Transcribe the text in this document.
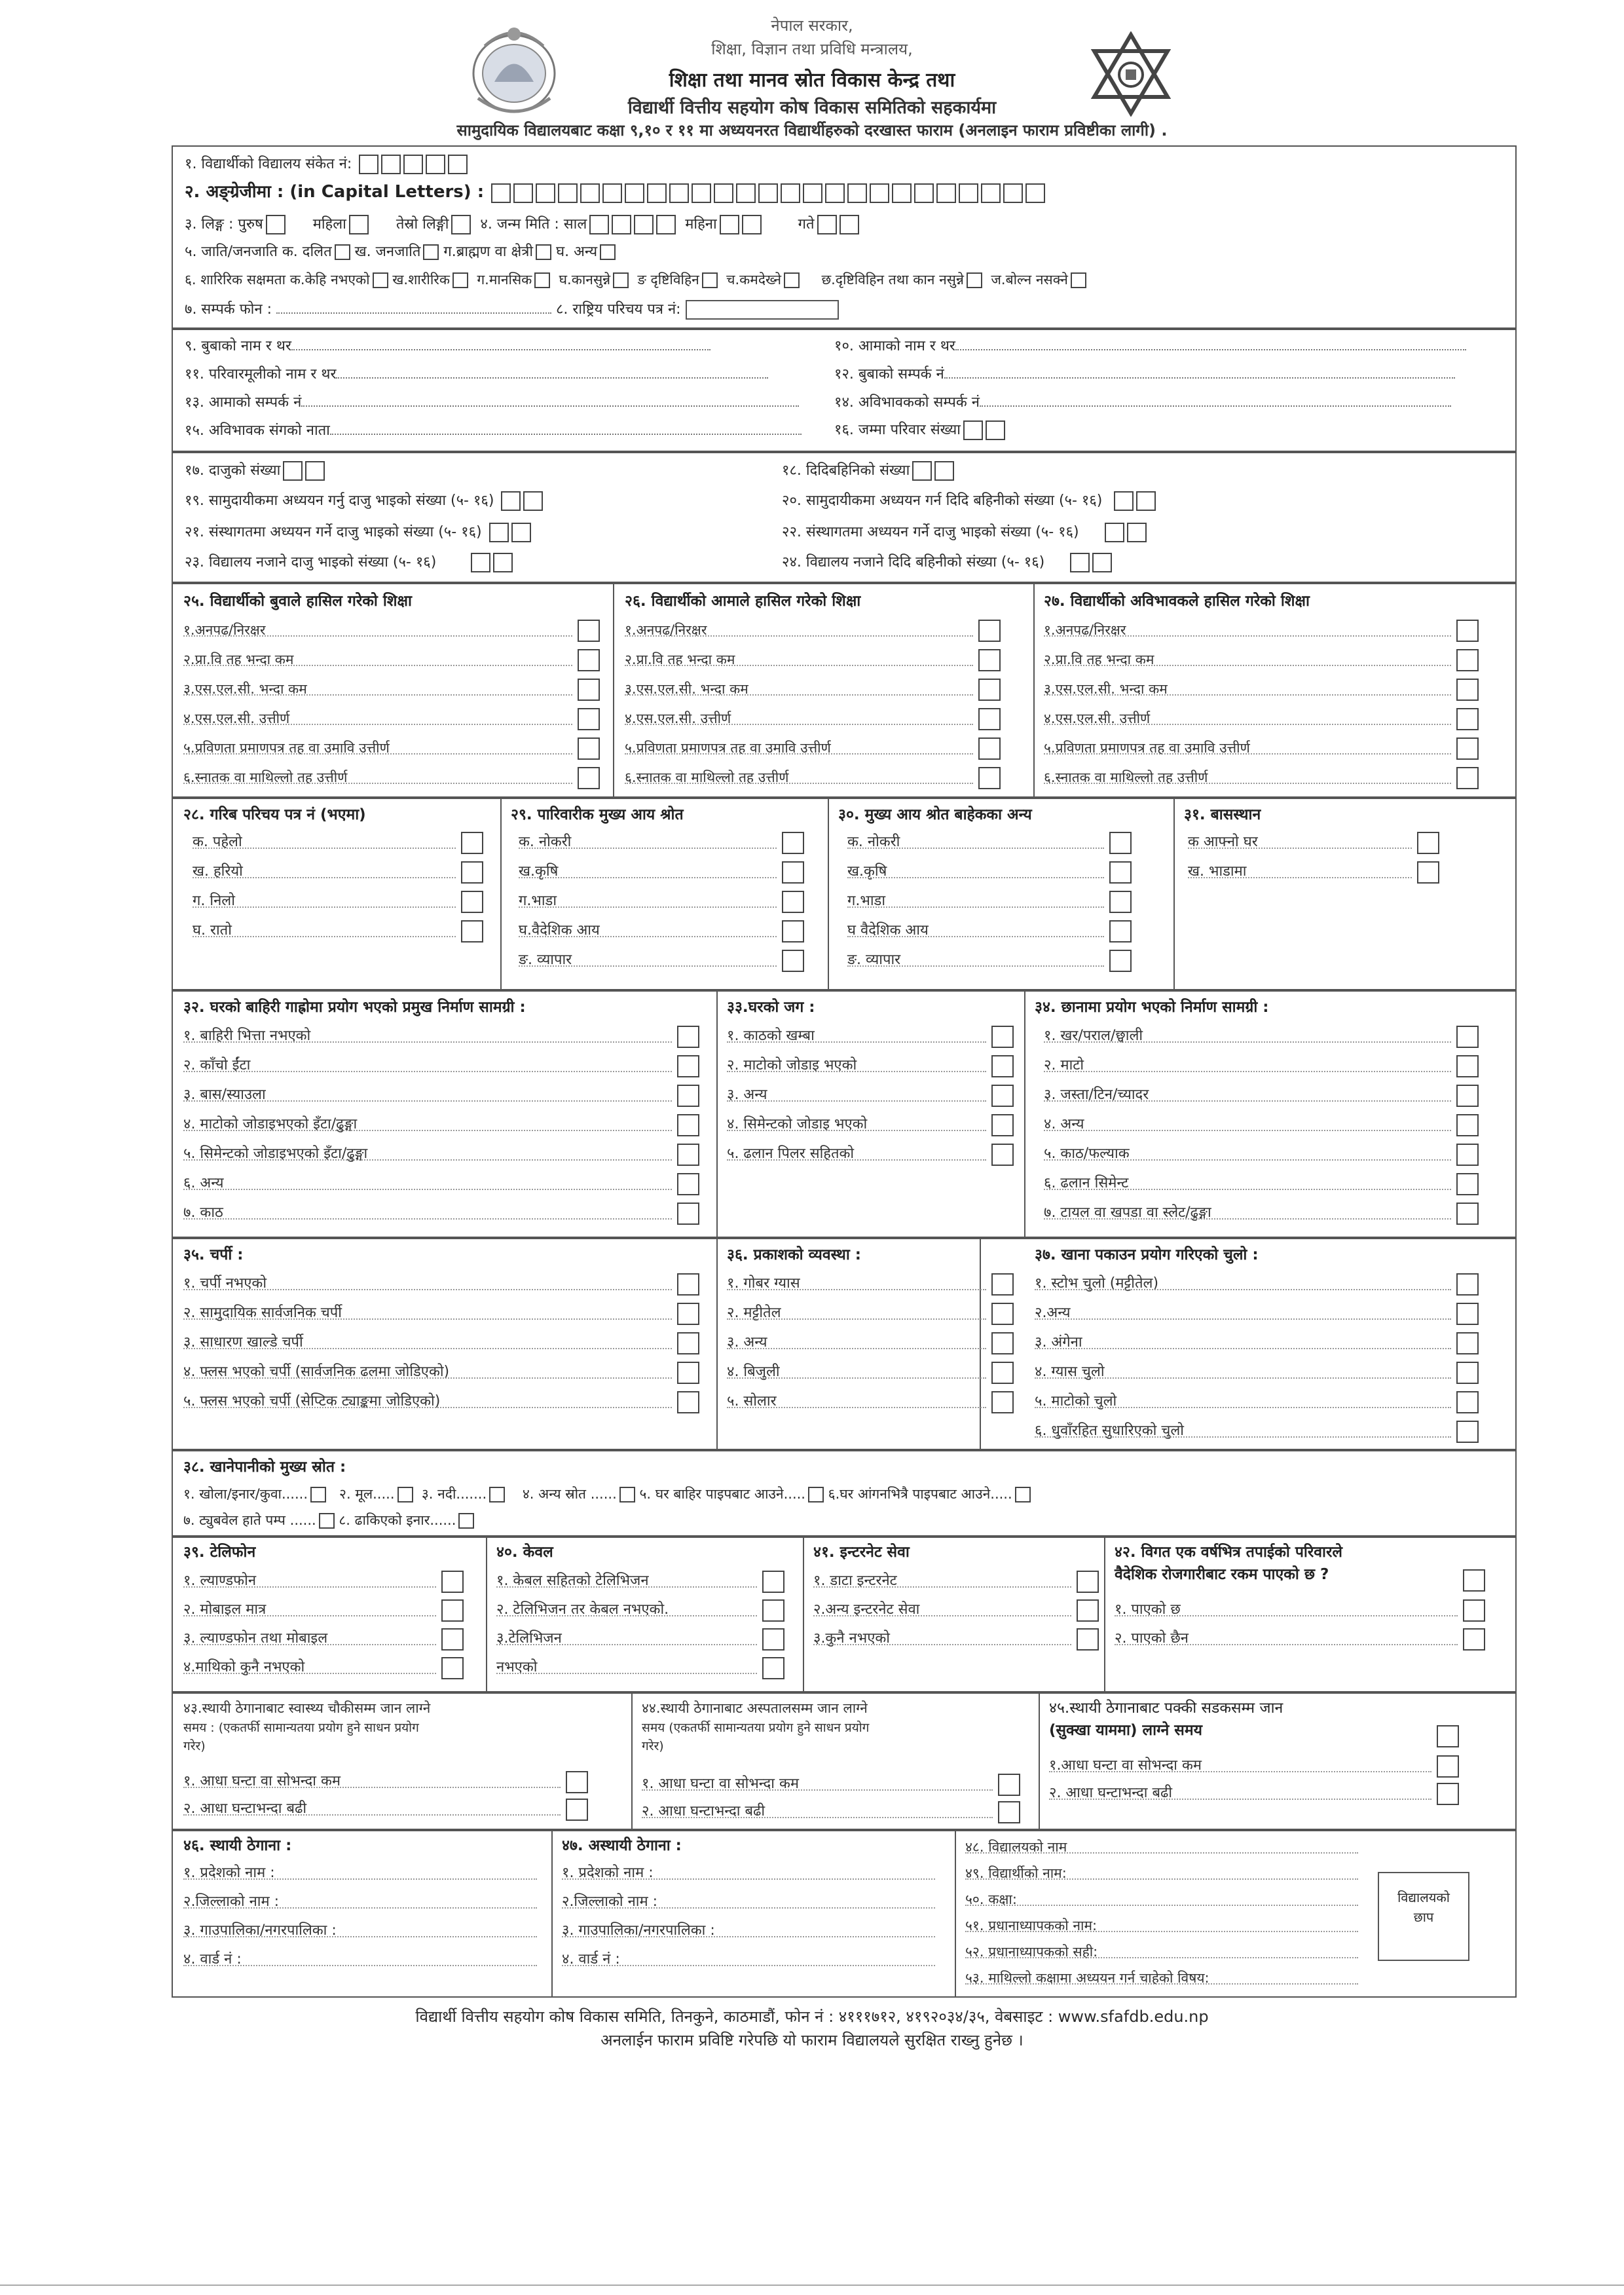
नेपाल सरकार,
शिक्षा, विज्ञान तथा प्रविधि मन्त्रालय,
शिक्षा तथा मानव स्रोत विकास केन्द्र तथा
विद्यार्थी वित्तीय सहयोग कोष विकास समितिको सहकार्यमा
सामुदायिक विद्यालयबाट कक्षा ९,१० र ११ मा अध्ययनरत विद्यार्थीहरुको दरखास्त फाराम (अनलाइन फाराम प्रविष्टीका लागी) .
१. विद्यार्थीको विद्यालय संकेत नं:
२. अङ्ग्रेजीमा : (in Capital Letters) :
३. लिङ्ग : पुरुष	महिला	तेस्रो लिङ्गी ४. जन्म मिति : साल	महिना	गते
५. जाति/जनजाति क. दलित ख. जनजाति ग.ब्राह्मण वा क्षेत्री घ. अन्य
६. शारिरिक सक्षमता क.केहि नभएको ख.शारीरिक ग.मानसिक घ.कानसुन्ने ङ दृष्टिविहिन च.कमदेख्ने	छ.दृष्टिविहिन तथा कान नसुन्ने ज.बोल्न नसक्ने
७. सम्पर्क फोन :	८. राष्ट्रिय परिचय पत्र नं:
९. बुबाको नाम र थर	१०. आमाको नाम र थर
११. परिवारमूलीको नाम र थर	१२. बुबाको सम्पर्क नं
१३. आमाको सम्पर्क नं	१४. अविभावकको सम्पर्क नं
१५. अविभावक संगको नाता	१६. जम्मा परिवार संख्या
१७. दाजुको संख्या	१८. दिदिबहिनिको संख्या
१९. सामुदायीकमा अध्ययन गर्नु दाजु भाइको संख्या (५- १६)	२०. सामुदायीकमा अध्ययन गर्न दिदि बहिनीको संख्या (५- १६)
२१. संस्थागतमा अध्ययन गर्ने दाजु भाइको संख्या (५- १६)	२२. संस्थागतमा अध्ययन गर्ने दाजु भाइको संख्या (५- १६)
२३. विद्यालय नजाने दाजु भाइको संख्या (५- १६)	२४. विद्यालय नजाने दिदि बहिनीको संख्या (५- १६)
२५. विद्यार्थीको बुवाले हासिल गरेको शिक्षा	२६. विद्यार्थीको आमाले हासिल गरेको शिक्षा	२७. विद्यार्थीको अविभावकले हासिल गरेको शिक्षा
१.अनपढ/निरक्षर
२.प्रा.वि तह भन्दा कम
३.एस.एल.सी. भन्दा कम
४.एस.एल.सी. उत्तीर्ण
५.प्रविणता प्रमाणपत्र तह वा उमावि उत्तीर्ण
६.स्नातक वा माथिल्लो तह उत्तीर्ण
१.अनपढ/निरक्षर
२.प्रा.वि तह भन्दा कम
३.एस.एल.सी. भन्दा कम
४.एस.एल.सी. उत्तीर्ण
५.प्रविणता प्रमाणपत्र तह वा उमावि उत्तीर्ण
६.स्नातक वा माथिल्लो तह उत्तीर्ण
१.अनपढ/निरक्षर
२.प्रा.वि तह भन्दा कम
३.एस.एल.सी. भन्दा कम
४.एस.एल.सी. उत्तीर्ण
५.प्रविणता प्रमाणपत्र तह वा उमावि उत्तीर्ण
६.स्नातक वा माथिल्लो तह उत्तीर्ण
२८. गरिब परिचय पत्र नं (भएमा)	२९. पारिवारीक मुख्य आय श्रोत	३०. मुख्य आय श्रोत बाहेकका अन्य	३१. बासस्थान
क. पहेलो
ख. हरियो
ग. निलो
घ. रातो
क. नोकरी
ख.कृषि
ग.भाडा
घ.वैदेशिक आय
ङ. व्यापार
क. नोकरी
ख.कृषि
ग.भाडा
घ वैदेशिक आय
ङ. व्यापार
क आफ्नो घर
ख. भाडामा
३२. घरको बाहिरी गाह्रोमा प्रयोग भएको प्रमुख निर्माण सामग्री :	३३.घरको जग :	३४. छानामा प्रयोग भएको निर्माण सामग्री :
१. बाहिरी भित्ता नभएको
२. काँचो ईंटा
३. बास/स्याउला
४. माटोको जोडाइभएको इँटा/ढुङ्गा
५. सिमेन्टको जोडाइभएको इँटा/ढुङ्गा
६. अन्य
७. काठ
१. काठको खम्बा
२. माटोको जोडाइ भएको
३. अन्य
४. सिमेन्टको जोडाइ भएको
५. ढलान पिलर सहितको
१. खर/पराल/छ्वाली
२. माटो
३. जस्ता/टिन/च्यादर
४. अन्य
५. काठ/फल्याक
६. ढलान सिमेन्ट
७. टायल वा खपडा वा स्लेट/ढुङ्गा
३५. चर्पी :	३६. प्रकाशको व्यवस्था :	३७. खाना पकाउन प्रयोग गरिएको चुलो :
१. चर्पी नभएको
२. सामुदायिक सार्वजनिक चर्पी
३. साधारण खाल्डे चर्पी
४. फ्लस भएको चर्पी (सार्वजनिक ढलमा जोडिएको)
५. फ्लस भएको चर्पी (सेप्टिक ट्याङ्कमा जोडिएको)
१. गोबर ग्यास
२. मट्टीतेल
३. अन्य
४. बिजुली
५. सोलार
१. स्टोभ चुलो (मट्टीतेल)
२.अन्य
३. अंगेना
४. ग्यास चुलो
५. माटोको चुलो
६. धुवाँरहित सुधारिएको चुलो
३८. खानेपानीको मुख्य स्रोत :
१. खोला/इनार/कुवा...... २. मूल..... ३. नदी.......	४. अन्य स्रोत ...... ५. घर बाहिर पाइपबाट आउने..... ६.घर आंगनभित्रै पाइपबाट आउने.....
७. ट्युबवेल हाते पम्प ...... ८. ढाकिएको इनार......
३९. टेलिफोन	४०. केवल	४१. इन्टरनेट सेवा	४२. विगत एक वर्षभित्र तपाईको परिवारले
वैदेशिक रोजगारीबाट रकम पाएको छ ?
१. ल्याण्डफोन
२. मोबाइल मात्र
३. ल्याण्डफोन तथा मोबाइल
४.माथिको कुनै नभएको
१. केबल सहितको टेलिभिजन
२. टेलिभिजन तर केबल नभएको.
३.टेलिभिजन
नभएको
१. डाटा इन्टरनेट
२.अन्य इन्टरनेट सेवा
३.कुनै नभएको
१. पाएको छ
२. पाएको छैन
४३.स्थायी ठेगानाबाट स्वास्थ्य चौकीसम्म जान लाग्ने
समय : (एकतर्फी सामान्यतया प्रयोग हुने साधन प्रयोग
गरेर)
४४.स्थायी ठेगानाबाट अस्पतालसम्म जान लाग्ने
समय (एकतर्फी सामान्यतया प्रयोग हुने साधन प्रयोग
गरेर)
४५.स्थायी ठेगानाबाट पक्की सडकसम्म जान
(सुक्खा याममा) लाग्ने समय
१. आधा घन्टा वा सोभन्दा कम
२. आधा घन्टाभन्दा बढी
१. आधा घन्टा वा सोभन्दा कम
२. आधा घन्टाभन्दा बढी
१.आधा घन्टा वा सोभन्दा कम
२. आधा घन्टाभन्दा बढी
४६. स्थायी ठेगाना :	४७. अस्थायी ठेगाना :
विद्यालयको
छाप
१. प्रदेशको नाम :
२.जिल्लाको नाम :
३. गाउपालिका/नगरपालिका :
४. वार्ड नं :
१. प्रदेशको नाम :
२.जिल्लाको नाम :
३. गाउपालिका/नगरपालिका :
४. वार्ड नं :
४८. विद्यालयको नाम
४९. विद्यार्थीको नाम:
५०. कक्षा:
५१. प्रधानाध्यापकको नाम:
५२. प्रधानाध्यापकको सही:
५३. माथिल्लो कक्षामा अध्ययन गर्न चाहेको विषय:
विद्यार्थी वित्तीय सहयोग कोष विकास समिति, तिनकुने, काठमाडौं, फोन नं : ४१११७१२, ४१९२०३४/३५, वेबसाइट : www.sfafdb.edu.np
अनलाईन फाराम प्रविष्टि गरेपछि यो फाराम विद्यालयले सुरक्षित राख्नु हुनेछ ।
